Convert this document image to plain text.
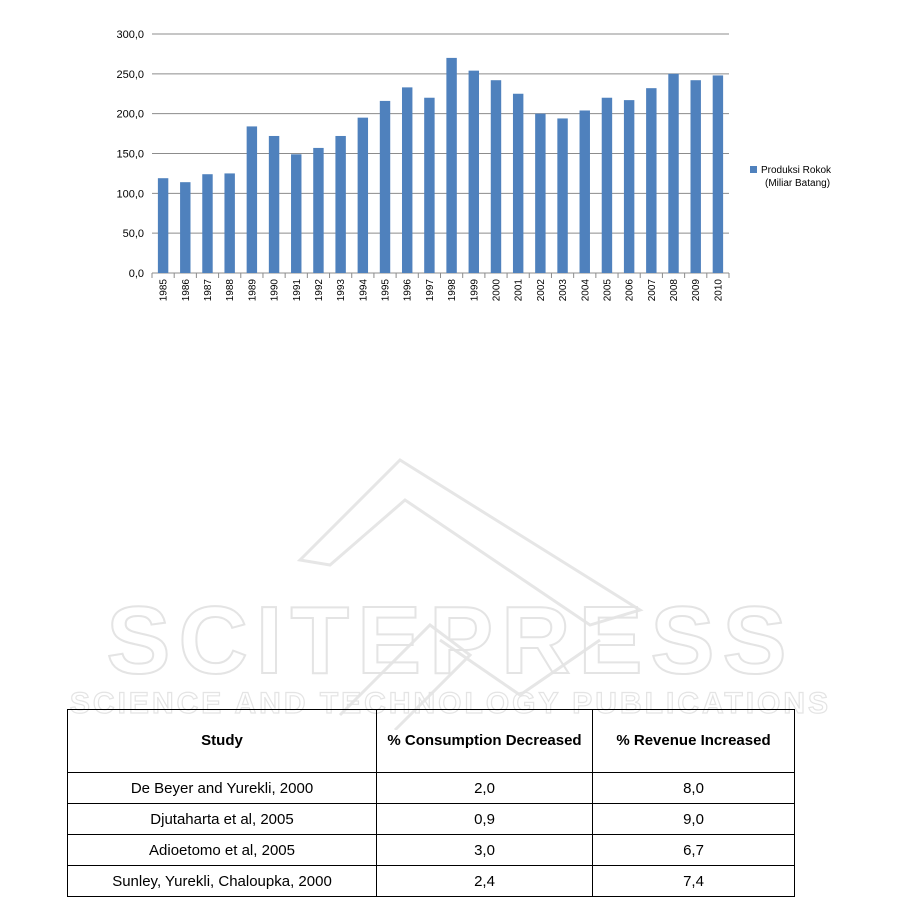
0,0
50,0
100,0
150,0
200,0
250,0
300,0
1985 1986 1987 1988 1989 1990 1991 1992 1993 1994 1995 1996 1997 1998 1999 2000 2001 2002 2003 2004 2005 2006 2007 2008 2009 2010
Produksi Rokok
(Miliar Batang)
SCITEPRESS
SCIENCE AND TECHNOLOGY PUBLICATIONS
Study	% Consumption Decreased	% Revenue Increased
De Beyer and Yurekli, 2000	2,0	8,0
Djutaharta et al, 2005	0,9	9,0
Adioetomo et al, 2005	3,0	6,7
Sunley, Yurekli, Chaloupka, 2000	2,4	7,4
